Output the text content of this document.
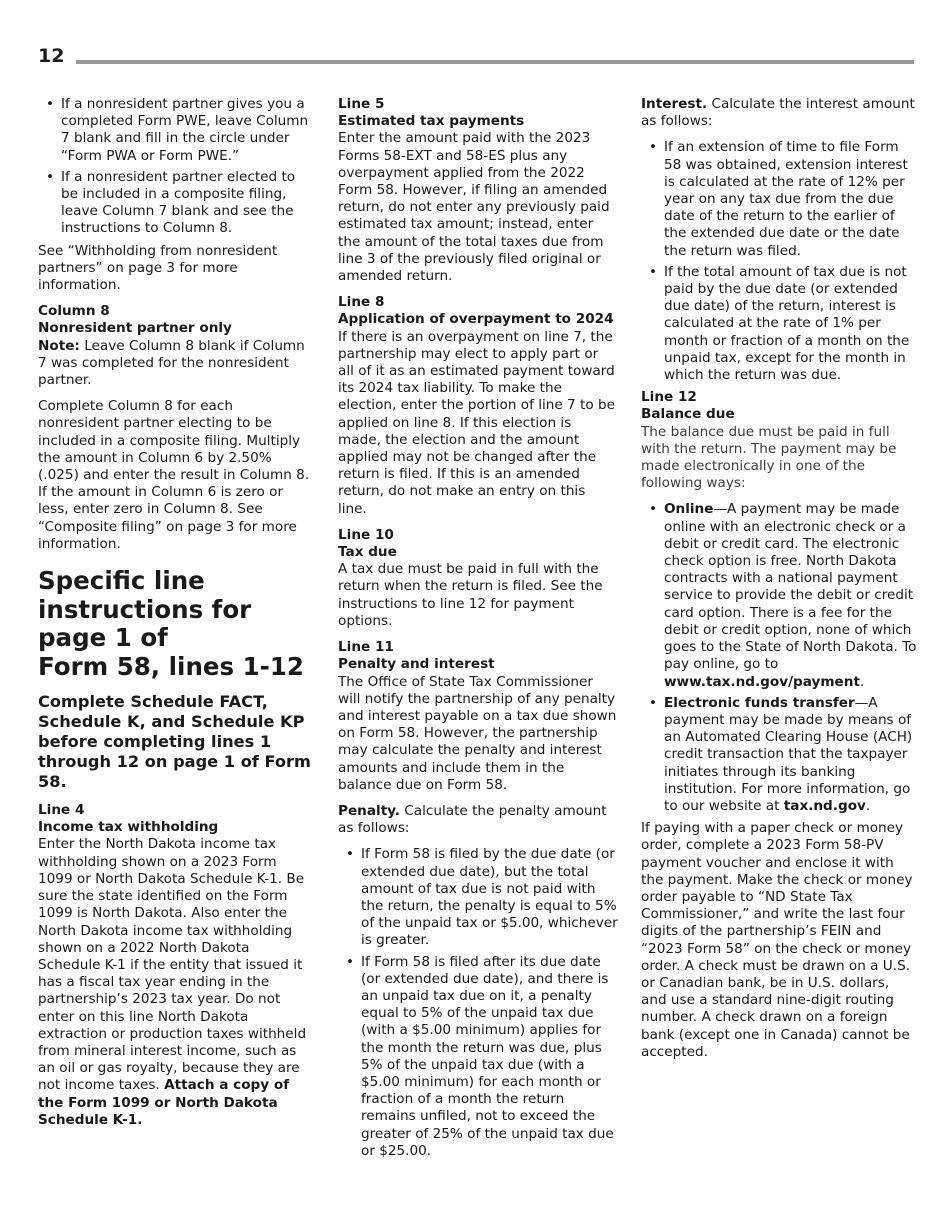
12
• If a nonresident partner gives you a completed Form PWE, leave Column 7 blank and fill in the circle under “Form PWA or Form PWE.”
• If a nonresident partner elected to be included in a composite filing, leave Column 7 blank and see the instructions to Column 8.

See “Withholding from nonresident partners” on page 3 for more information.

Column 8
Nonresident partner only

Note: Leave Column 8 blank if Column 7 was completed for the nonresident partner.

Complete Column 8 for each nonresident partner electing to be included in a composite filing. Multiply the amount in Column 6 by 2.50% (.025) and enter the result in Column 8. If the amount in Column 6 is zero or less, enter zero in Column 8. See “Composite filing” on page 3 for more information.

Specific line instructions for page 1 of
Form 58, lines 1-12
Complete Schedule FACT, Schedule K, and Schedule KP before completing lines 1 through 12 on page 1 of Form 58.
Line 4
Income tax withholding

Enter the North Dakota income tax withholding shown on a 2023 Form 1099 or North Dakota Schedule K-1. Be sure the state identified on the Form 1099 is North Dakota. Also enter the North Dakota income tax withholding shown on a 2022 North Dakota Schedule K-1 if the entity that issued it has a fiscal tax year ending in the partnership’s 2023 tax year. Do not enter on this line North Dakota extraction or production taxes withheld from mineral interest income, such as an oil or gas royalty, because they are not income taxes. Attach a copy of the Form 1099 or North Dakota Schedule K-1.

Line 5
Estimated tax payments

Enter the amount paid with the 2023 Forms 58-EXT and 58-ES plus any overpayment applied from the 2022 Form 58. However, if filing an amended return, do not enter any previously paid estimated tax amount; instead, enter the amount of the total taxes due from line 3 of the previously filed original or amended return.

Line 8
Application of overpayment to 2024

If there is an overpayment on line 7, the partnership may elect to apply part or all of it as an estimated payment toward its 2024 tax liability. To make the election, enter the portion of line 7 to be applied on line 8. If this election is made, the election and the amount applied may not be changed after the return is filed. If this is an amended return, do not make an entry on this line.

Line 10
Tax due

A tax due must be paid in full with the return when the return is filed. See the instructions to line 12 for payment options.

Line 11
Penalty and interest

The Office of State Tax Commissioner will notify the partnership of any penalty and interest payable on a tax due shown on Form 58. However, the partnership may calculate the penalty and interest amounts and include them in the balance due on Form 58.

Penalty. Calculate the penalty amount as follows:

• If Form 58 is filed by the due date (or extended due date), but the total amount of tax due is not paid with the return, the penalty is equal to 5% of the unpaid tax or $5.00, whichever is greater.
• If Form 58 is filed after its due date (or extended due date), and there is an unpaid tax due on it, a penalty equal to 5% of the unpaid tax due (with a $5.00 minimum) applies for the month the return was due, plus 5% of the unpaid tax due (with a $5.00 minimum) for each month or fraction of a month the return remains unfiled, not to exceed the greater of 25% of the unpaid tax due or $25.00.

Interest. Calculate the interest amount as follows:

• If an extension of time to file Form 58 was obtained, extension interest is calculated at the rate of 12% per year on any tax due from the due date of the return to the earlier of the extended due date or the date the return was filed.
• If the total amount of tax due is not paid by the due date (or extended due date) of the return, interest is calculated at the rate of 1% per month or fraction of a month on the unpaid tax, except for the month in which the return was due.
Line 12
Balance due

The balance due must be paid in full with the return. The payment may be made electronically in one of the following ways:

• Online—A payment may be made online with an electronic check or a debit or credit card. The electronic check option is free. North Dakota contracts with a national payment service to provide the debit or credit card option. There is a fee for the debit or credit option, none of which goes to the State of North Dakota. To pay online, go to www.tax.nd.gov/payment.
• Electronic funds transfer—A payment may be made by means of an Automated Clearing House (ACH) credit transaction that the taxpayer initiates through its banking institution. For more information, go to our website at tax.nd.gov.

If paying with a paper check or money order, complete a 2023 Form 58-PV payment voucher and enclose it with the payment. Make the check or money order payable to “ND State Tax Commissioner,” and write the last four digits of the partnership’s FEIN and “2023 Form 58” on the check or money order. A check must be drawn on a U.S. or Canadian bank, be in U.S. dollars, and use a standard nine-digit routing number. A check drawn on a foreign bank (except one in Canada) cannot be accepted.
